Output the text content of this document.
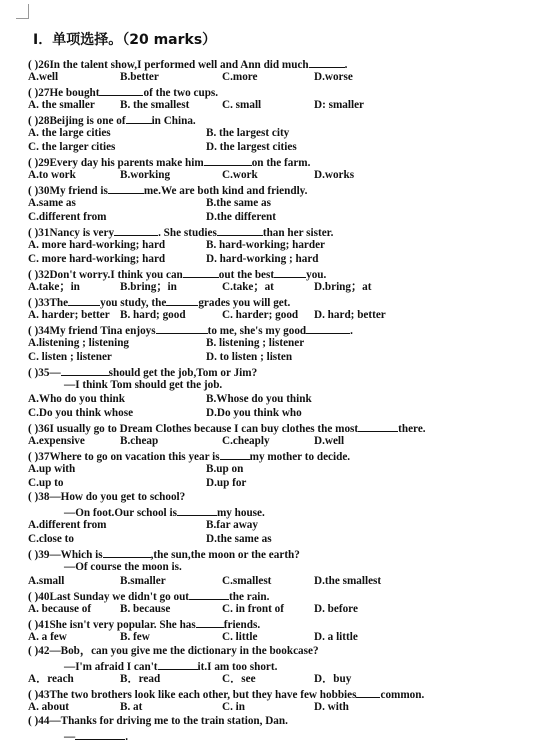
I．单项选择。（20 marks）
( )26In the talent show,I performed well and Ann did much	.
A.well	B.better	C.more	D.worse
( )27He bought	of the two cups.
A. the smaller B. the smallest	C. small	D: smaller
( )28Beijing is one of in China.
A. the large cities	B. the largest city
C. the larger cities	D. the largest cities
( )29Every day his parents make him	on the farm.
A.to work	B.working	C.work	D.works
( )30My friend is	me.We are both kind and friendly.
A.same as	B.the same as
C.different from	D.the different
( )31Nancy is very	. She studies	than her sister.
A. more hard-working; hard	B. hard-working; harder
C. more hard-working; hard	D. hard-working ; hard
( )32Don't worry.I think you can	out the best	you.
A.take；in	B.bring；in	C.take；at	D.bring；at
( )33The	you study, the	grades you will get.
A. harder; better B. hard; good	C. harder; good D. hard; better
( )34My friend Tina enjoys	to me, she's my good	.
A.listening ; listening	B. listening ; listener
C. listen ; listener	D. to listen ; listen
( )35—	should get the job,Tom or Jim?
—I think Tom should get the job.
A.Who do you think	B.Whose do you think
C.Do you think whose	D.Do you think who
( )36I usually go to Dream Clothes because I can buy clothes the most	there.
A.expensive	B.cheap	C.cheaply	D.well
( )37Where to go on vacation this year is	my mother to decide.
A.up with	B.up on
C.up to	D.up for
( )38—How do you get to school?
—On foot.Our school is	my house.
A.different from	B.far away
C.close to	D.the same as
( )39—Which is	,the sun,the moon or the earth?
—Of course the moon is.
A.small	B.smaller	C.smallest	D.the smallest
( )40Last Sunday we didn't go out	the rain.
A. because of	B. because	C. in front of	D. before
( )41She isn't very popular. She has	friends.
A. a few	B. few	C. little	D. a little
( )42—Bob，can you give me the dictionary in the bookcase?
—I'm afraid I can't	it.I am too short.
A．reach	B．read	C．see	D．buy
( )43The two brothers look like each other, but they have few hobbies common.
A. about	B. at	C. in	D. with
( )44—Thanks for driving me to the train station, Dan.
—	.
